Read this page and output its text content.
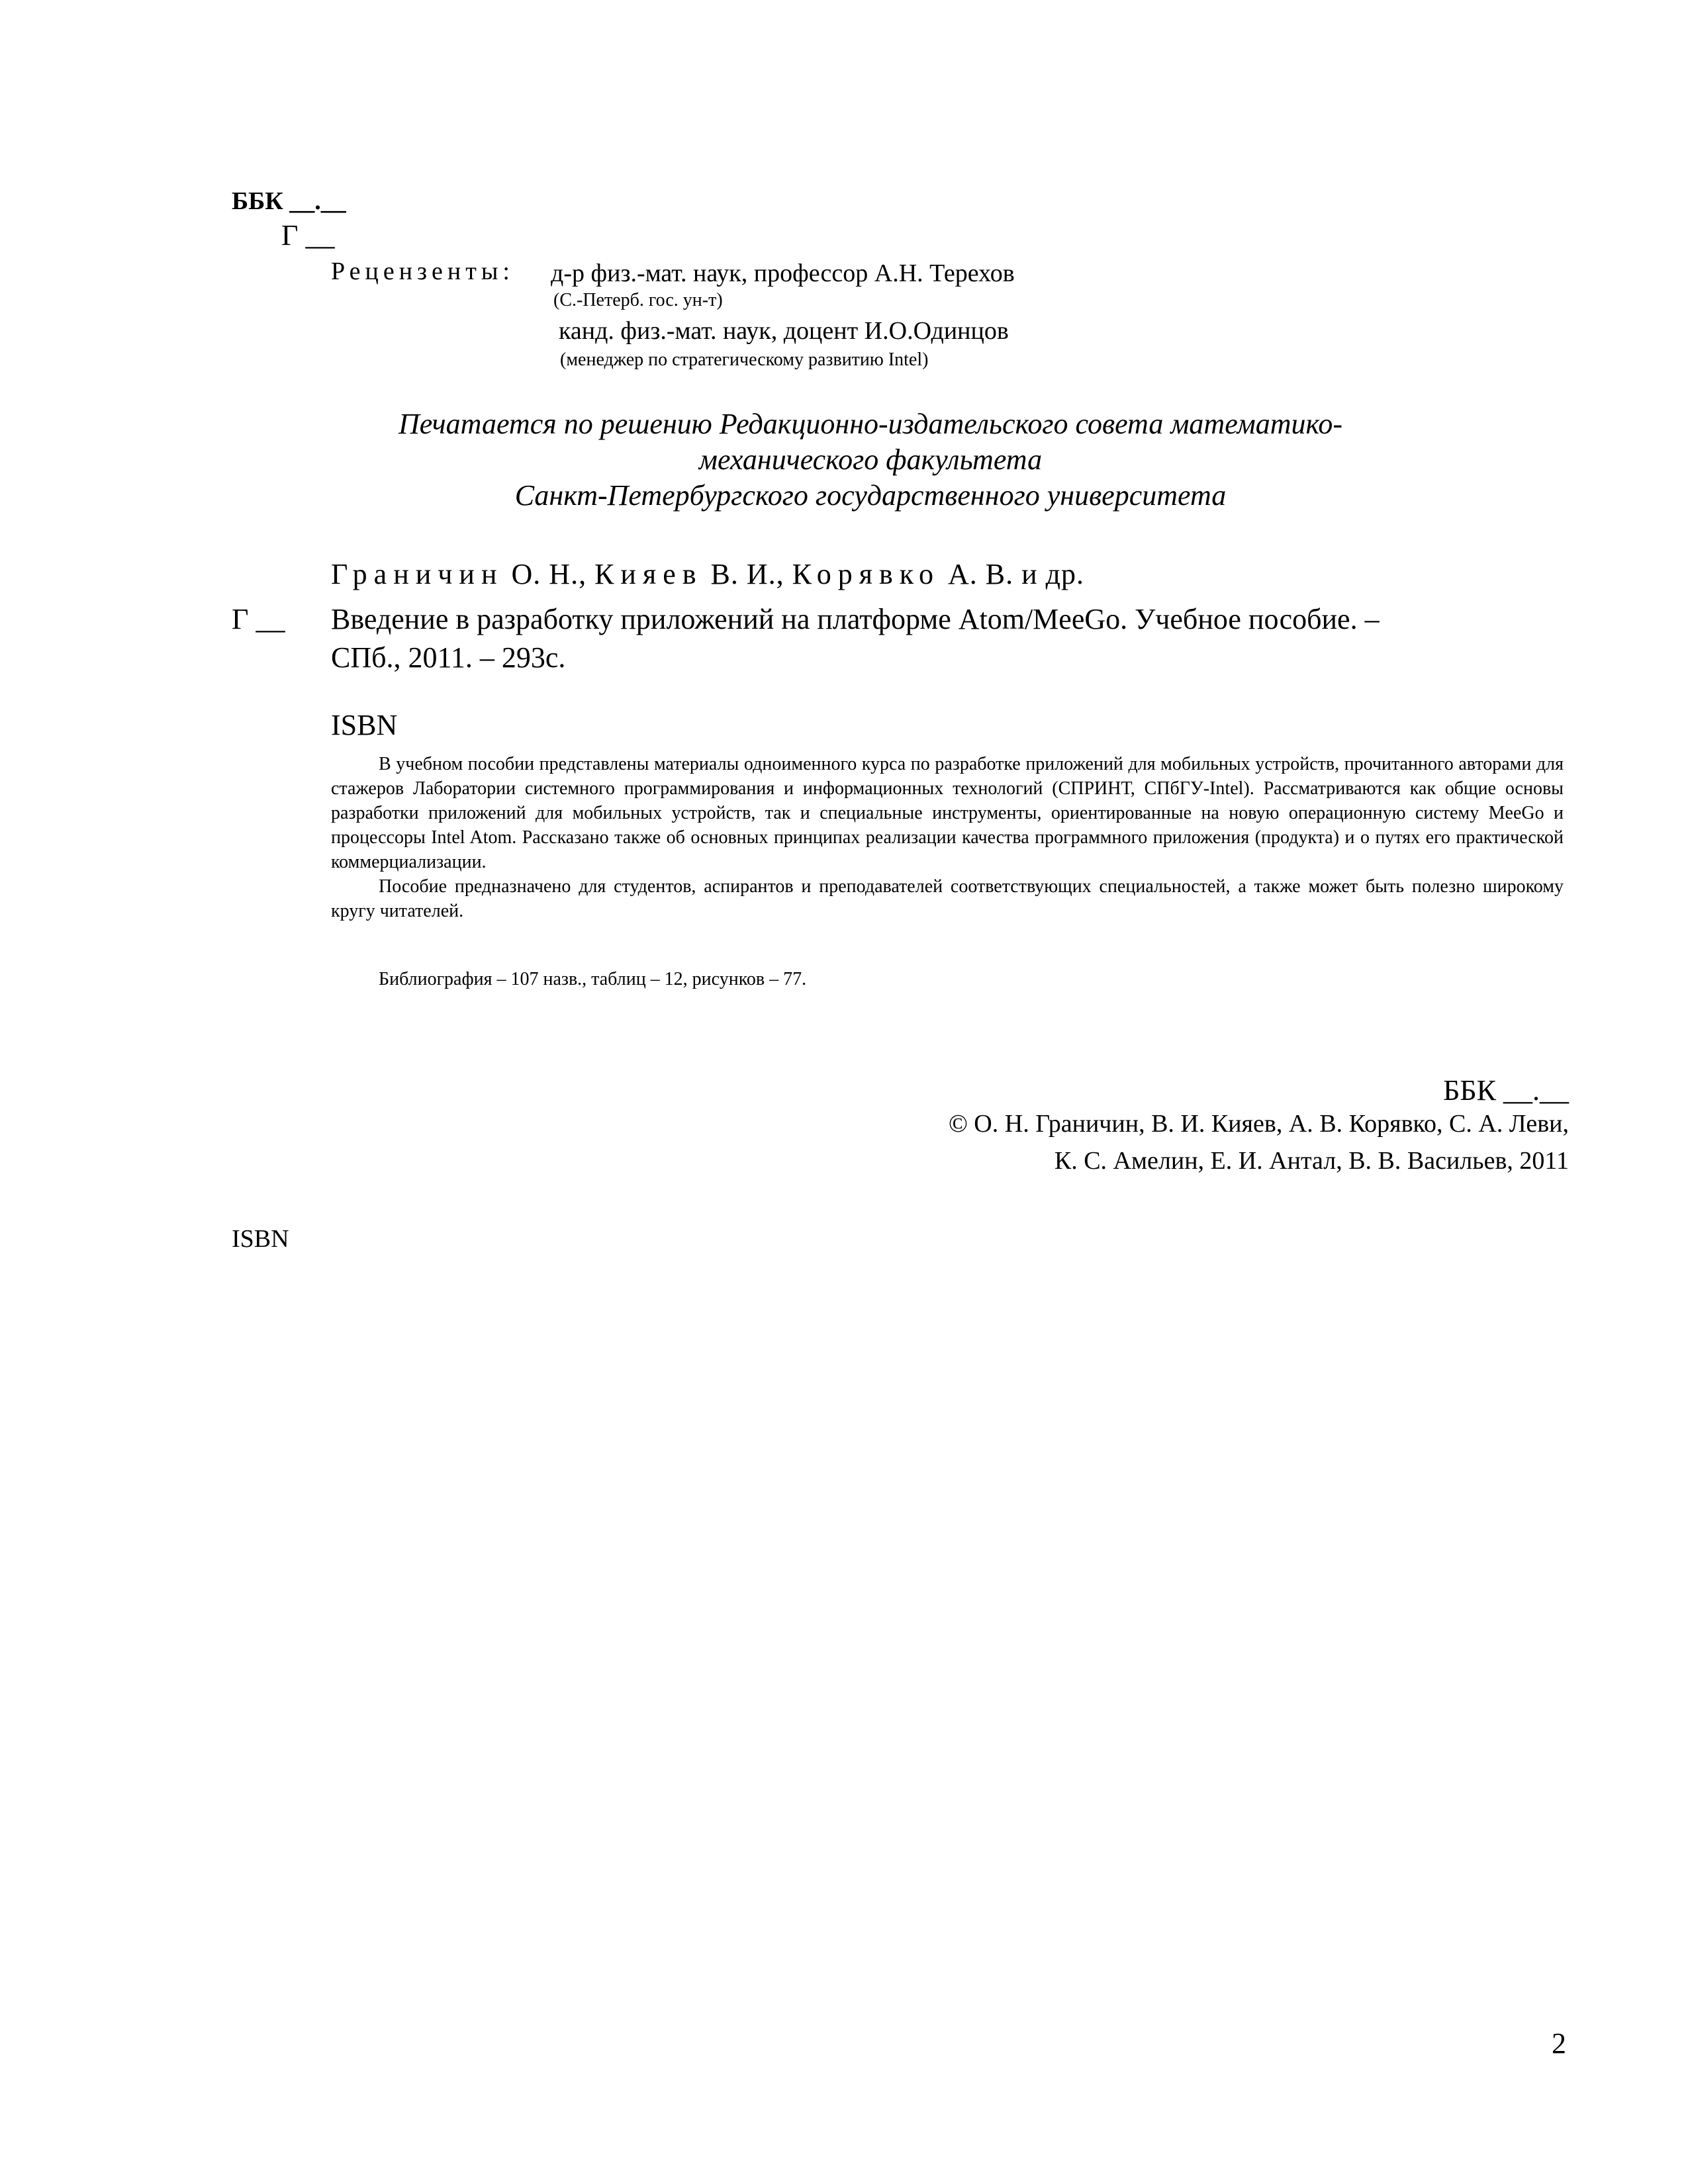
ББК __.__
Г __
Рецензенты: д-р физ.-мат. наук, профессор А.Н. Терехов
(С.-Петерб. гос. ун-т)
канд. физ.-мат. наук, доцент И.О.Одинцов
(менеджер по стратегическому развитию Intel)
Печатается по решению Редакционно-издательского совета математико-
механического факультета
Санкт-Петербургского государственного университета
Граничин О. Н., Кияев В. И., Корявко А. В. и др.
Г __ Введение в разработку приложений на платформе Atom/MeeGo. Учебное пособие. –
СПб., 2011. – 293с.
ISBN

В учебном пособии представлены материалы одноименного курса по разработке приложений для мобильных устройств, прочитанного авторами для стажеров Лаборатории системного программирования и информационных технологий (СПРИНТ, СПбГУ-Intel). Рассматриваются как общие основы разработки приложений для мобильных устройств, так и специальные инструменты, ориентированные на новую операционную систему MeeGo и процессоры Intel Atom. Рассказано также об основных принципах реализации качества программного приложения (продукта) и о путях его практической коммерциализации.

Пособие предназначено для студентов, аспирантов и преподавателей соответствующих специальностей, а также может быть полезно широкому кругу читателей.

Библиография – 107 назв., таблиц – 12, рисунков – 77.
ББК __.__
© О. Н. Граничин, В. И. Кияев, А. В. Корявко, С. А. Леви,
К. С. Амелин, Е. И. Антал, В. В. Васильев, 2011
ISBN
2
